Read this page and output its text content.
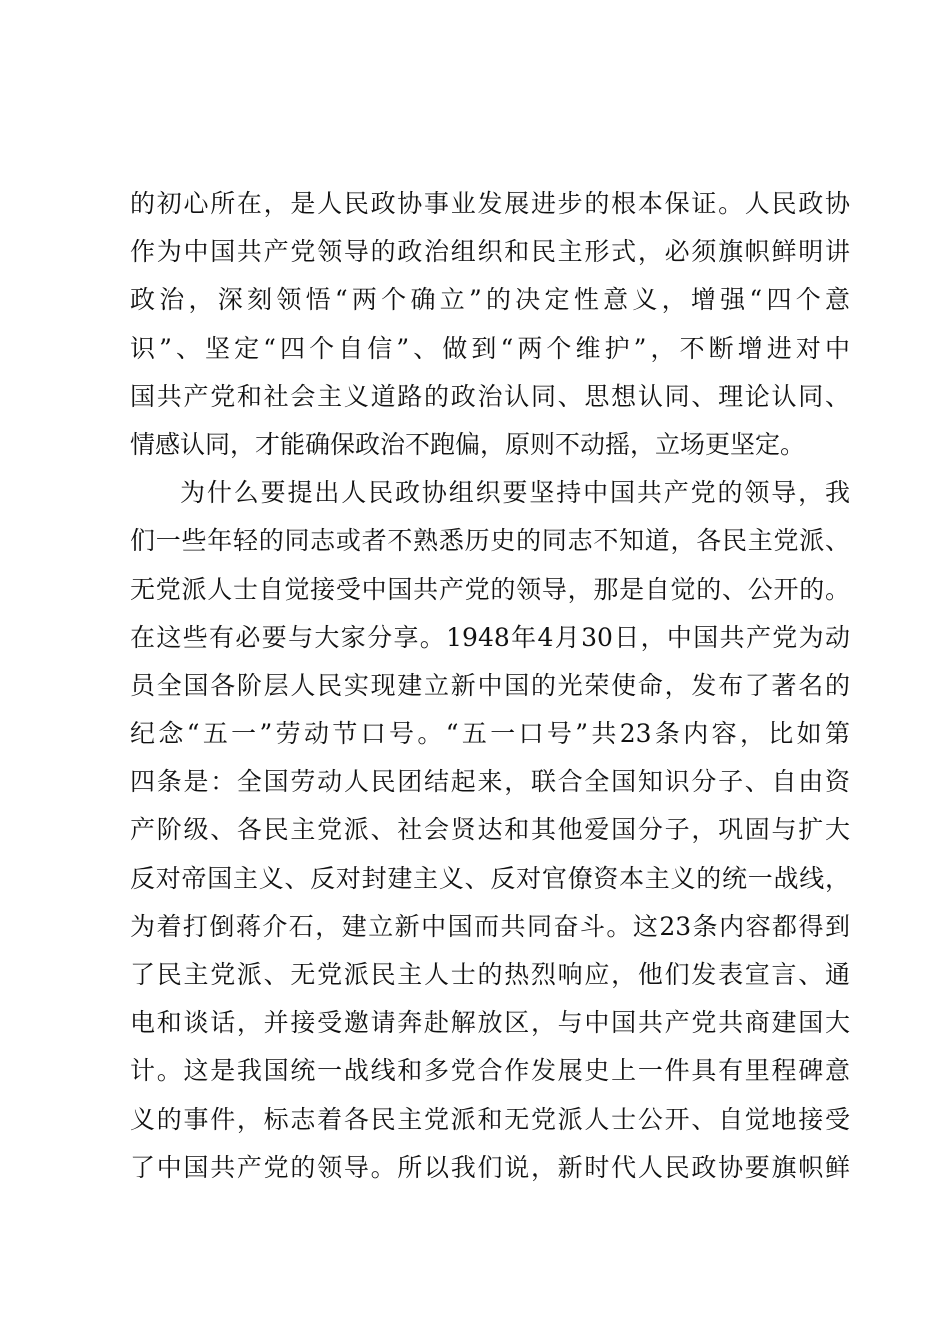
的初心所在，是人民政协事业发展进步的根本保证。人民政协
作为中国共产党领导的政治组织和民主形式，必须旗帜鲜明讲
政治，深刻领悟“两个确立”的决定性意义，增强“四个意
识”、坚定“四个自信”、做到“两个维护”，不断增进对中
国共产党和社会主义道路的政治认同、思想认同、理论认同、
情感认同，才能确保政治不跑偏，原则不动摇，立场更坚定。
为什么要提出人民政协组织要坚持中国共产党的领导，我
们一些年轻的同志或者不熟悉历史的同志不知道，各民主党派、
无党派人士自觉接受中国共产党的领导，那是自觉的、公开的。
在这些有必要与大家分享。1948年4月30日，中国共产党为动
员全国各阶层人民实现建立新中国的光荣使命，发布了著名的
纪念“五一”劳动节口号。“五一口号”共23条内容，比如第
四条是：全国劳动人民团结起来，联合全国知识分子、自由资
产阶级、各民主党派、社会贤达和其他爱国分子，巩固与扩大
反对帝国主义、反对封建主义、反对官僚资本主义的统一战线，
为着打倒蒋介石，建立新中国而共同奋斗。这23条内容都得到
了民主党派、无党派民主人士的热烈响应，他们发表宣言、通
电和谈话，并接受邀请奔赴解放区，与中国共产党共商建国大
计。这是我国统一战线和多党合作发展史上一件具有里程碑意
义的事件，标志着各民主党派和无党派人士公开、自觉地接受
了中国共产党的领导。所以我们说，新时代人民政协要旗帜鲜
